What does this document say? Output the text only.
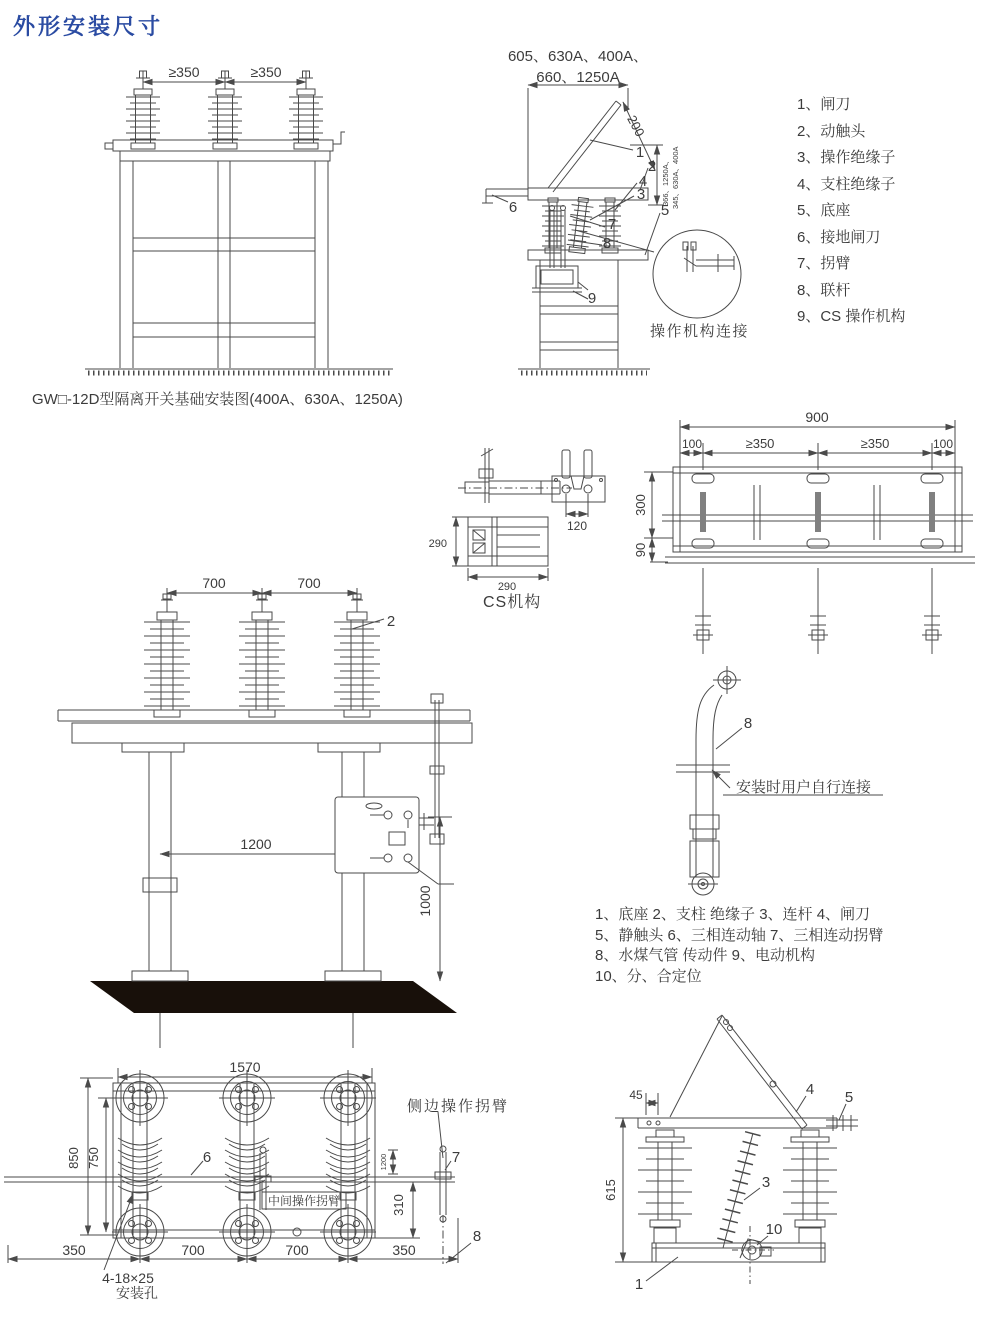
≥350	≥350
200
366、1250A、 345、630A、400A
1
2
4
3
5
6
7
8
9
120
290
290
900
100	≥350	≥350	100
300
90
700	700
2
1200
1000
8
中间操作拐臂
7
6
1570
850 750	1200
310
350	700	700	350
4-18×25
安装孔
8
45
615
4 5
3
10
1
外形安装尺寸
GW□-12D型隔离开关基础安装图(400A、630A、1250A)
605、630A、400A、
660、1250A
1、闸刀
2、动触头
3、操作绝缘子
4、支柱绝缘子
5、底座
6、接地闸刀
7、拐臂
8、联杆
9、CS 操作机构
操作机构连接
CS机构
安装时用户自行连接
1、底座 2、支柱 绝缘子 3、连杆 4、闸刀
5、静触头 6、三相连动轴 7、三相连动拐臂
8、水煤气管 传动件 9、电动机构
10、分、合定位
侧边操作拐臂
